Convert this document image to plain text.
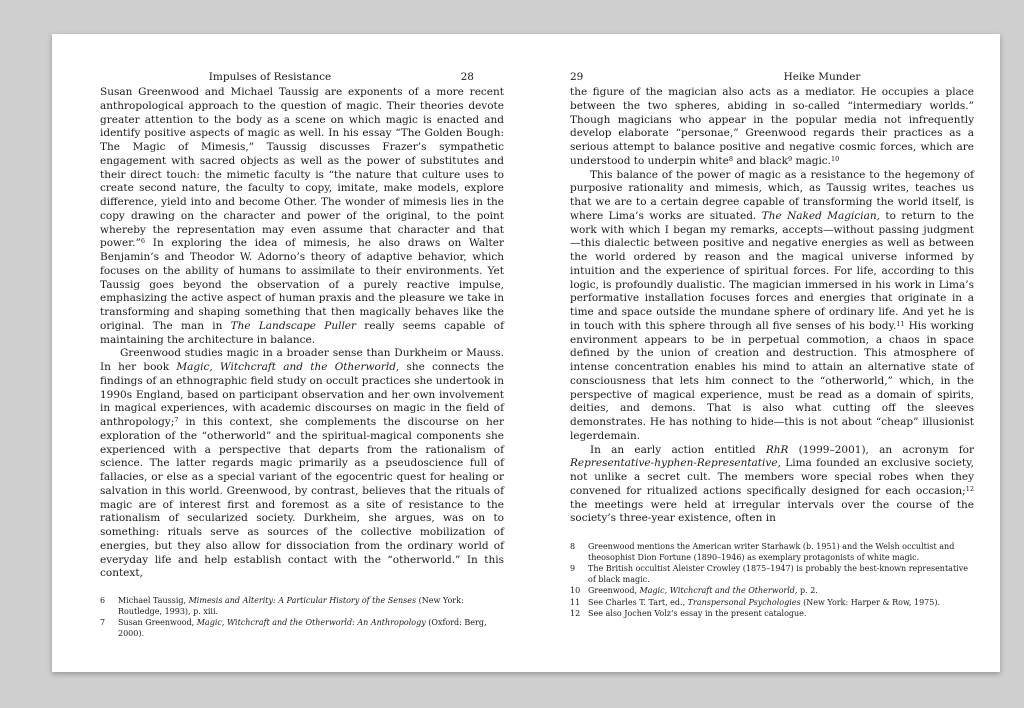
Impulses of Resistance	28

Susan Greenwood and Michael Taussig are exponents of a more recent anthropological approach to the question of magic. Their theories devote greater attention to the body as a scene on which magic is enacted and identify positive aspects of magic as well. In his essay “The Golden Bough: The Magic of Mimesis,” Taussig discusses Frazer’s sympathetic engagement with sacred objects as well as the power of substitutes and their direct touch: the mimetic faculty is “the nature that culture uses to create second nature, the faculty to copy, imitate, make models, explore difference, yield into and become Other. The wonder of mimesis lies in the copy drawing on the character and power of the original, to the point whereby the representation may even assume that character and that power.”$^6$ In exploring the idea of mimesis, he also draws on Walter Benjamin’s and Theodor W. Adorno’s theory of adaptive behavior, which focuses on the ability of humans to assimilate to their environments. Yet Taussig goes beyond the observation of a purely reactive impulse, emphasizing the active aspect of human praxis and the pleasure we take in transforming and shaping something that then magically behaves like the original. The man in The Landscape Puller really seems capable of maintaining the architecture in balance.

Greenwood studies magic in a broader sense than Durkheim or Mauss. In her book Magic, Witchcraft and the Otherworld, she connects the findings of an ethnographic field study on occult practices she undertook in 1990s England, based on participant observation and her own involvement in magical experiences, with academic discourses on magic in the field of anthropology;$^7$ in this context, she complements the discourse on her exploration of the “otherworld” and the spiritual-magical components she experienced with a perspective that departs from the rationalism of science. The latter regards magic primarily as a pseudoscience full of fallacies, or else as a special variant of the egocentric quest for healing or salvation in this world. Greenwood, by contrast, believes that the rituals of magic are of interest first and foremost as a site of resistance to the rationalism of secularized society. Durkheim, she argues, was on to something: rituals serve as sources of the collective mobilization of energies, but they also allow for dissociation from the ordinary world of everyday life and help establish contact with the “otherworld.” In this context,

6	Michael Taussig, Mimesis and Alterity: A Particular History of the Senses (New York: Routledge, 1993), p. xiii.
7	Susan Greenwood, Magic, Witchcraft and the Otherworld: An Anthropology (Oxford: Berg, 2000).
29	Heike Munder

the figure of the magician also acts as a mediator. He occupies a place between the two spheres, abiding in so-called “intermediary worlds.” Though magicians who appear in the popular media not infrequently develop elaborate “personae,” Greenwood regards their practices as a serious attempt to balance positive and negative cosmic forces, which are understood to underpin white$^8$ and black$^9$ magic.$^{10}$

This balance of the power of magic as a resistance to the hegemony of purposive rationality and mimesis, which, as Taussig writes, teaches us that we are to a certain degree capable of transforming the world itself, is where Lima’s works are situated. The Naked Magician, to return to the work with which I began my remarks, accepts—without passing judgment—this dialectic between positive and negative energies as well as between the world ordered by reason and the magical universe informed by intuition and the experience of spiritual forces. For life, according to this logic, is profoundly dualistic. The magician immersed in his work in Lima’s performative installation focuses forces and energies that originate in a time and space outside the mundane sphere of ordinary life. And yet he is in touch with this sphere through all five senses of his body.$^{11}$ His working environment appears to be in perpetual commotion, a chaos in space defined by the union of creation and destruction. This atmosphere of intense concentration enables his mind to attain an alternative state of consciousness that lets him connect to the “otherworld,” which, in the perspective of magical experience, must be read as a domain of spirits, deities, and demons. That is also what cutting off the sleeves demonstrates. He has nothing to hide—this is not about “cheap” illusionist legerdemain.

In an early action entitled RhR (1999–2001), an acronym for Representative-hyphen-Representative, Lima founded an exclusive society, not unlike a secret cult. The members wore special robes when they convened for ritualized actions specifically designed for each occasion;$^{12}$ the meetings were held at irregular intervals over the course of the society’s three-year existence, often in

8	Greenwood mentions the American writer Starhawk (b. 1951) and the Welsh occultist and theosophist Dion Fortune (1890–1946) as exemplary protagonists of white magic.
9	The British occultist Aleister Crowley (1875–1947) is probably the best-known representative of black magic.
10 Greenwood, Magic, Witchcraft and the Otherworld, p. 2.
11 See Charles T. Tart, ed., Transpersonal Psychologies (New York: Harper & Row, 1975).
12 See also Jochen Volz’s essay in the present catalogue.
